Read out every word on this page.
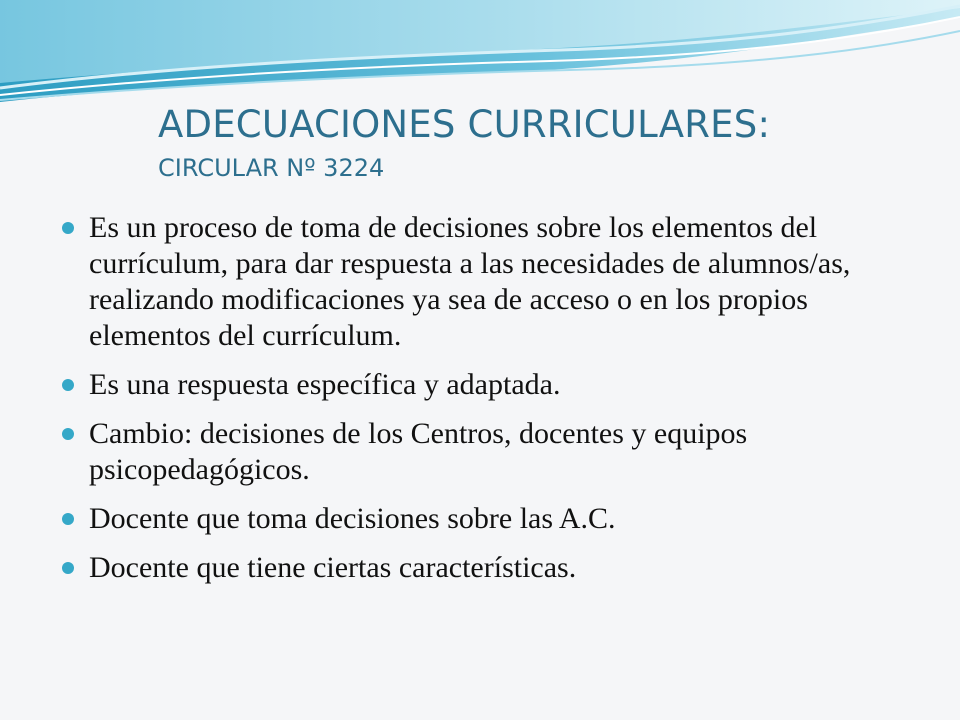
ADECUACIONES CURRICULARES:
CIRCULAR Nº 3224
Es un proceso de toma de decisiones sobre los elementos del currículum, para dar respuesta a las necesidades de alumnos/as, realizando modificaciones ya sea de acceso o en los propios elementos del currículum.
Es una respuesta específica y adaptada.
Cambio: decisiones de los Centros, docentes y equipos psicopedagógicos.
Docente que toma decisiones sobre las A.C.
Docente que tiene ciertas características.
